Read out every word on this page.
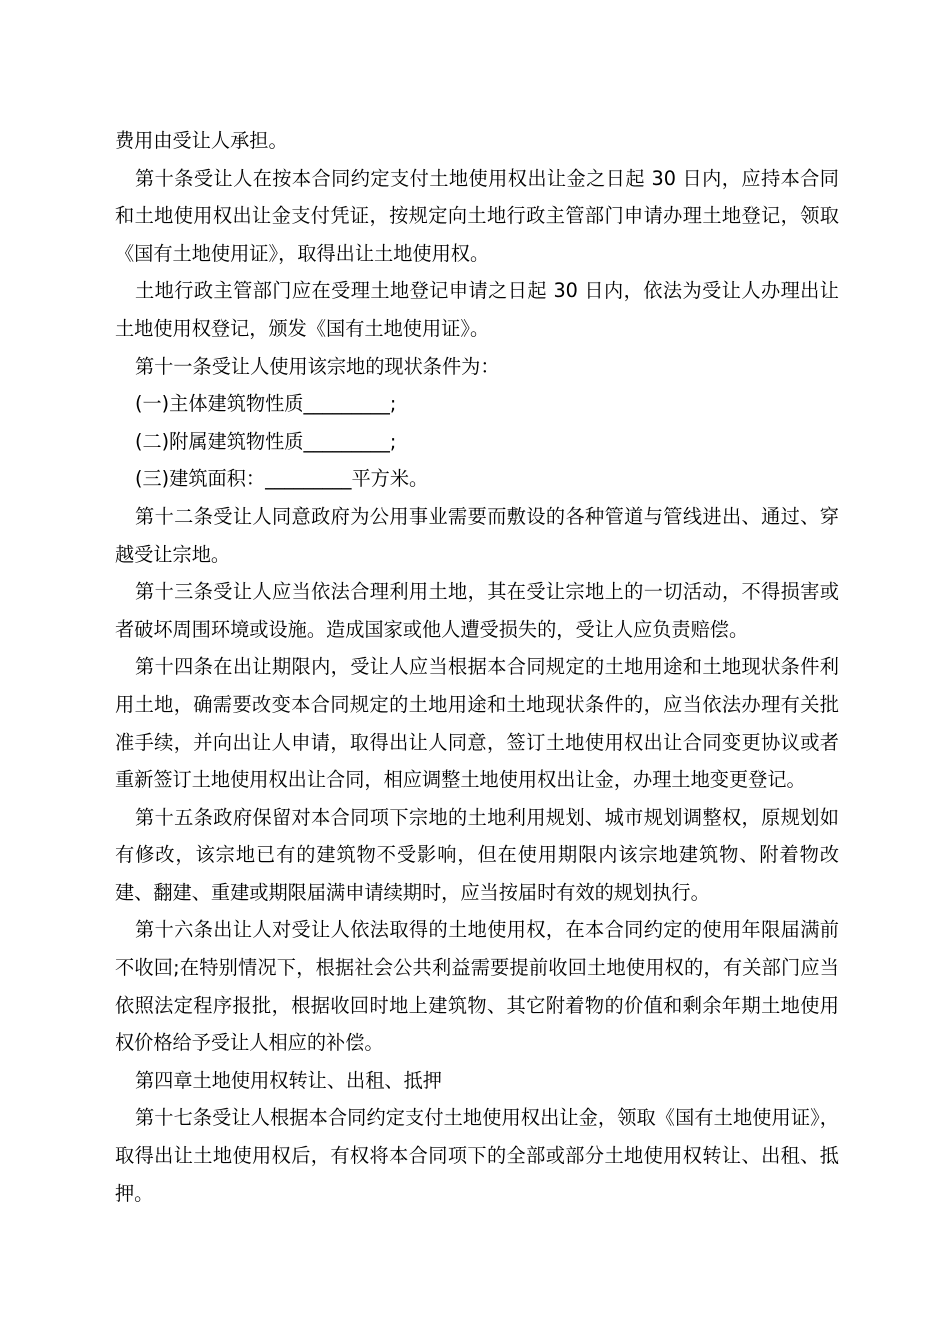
费用由受让人承担。

第十条受让人在按本合同约定支付土地使用权出让金之日起 30 日内，应持本合同和土地使用权出让金支付凭证，按规定向土地行政主管部门申请办理土地登记，领取《国有土地使用证》，取得出让土地使用权。

土地行政主管部门应在受理土地登记申请之日起 30 日内，依法为受让人办理出让土地使用权登记，颁发《国有土地使用证》。

第十一条受让人使用该宗地的现状条件为：

(一)主体建筑物性质_________;

(二)附属建筑物性质_________;

(三)建筑面积：_________平方米。

第十二条受让人同意政府为公用事业需要而敷设的各种管道与管线进出、通过、穿越受让宗地。

第十三条受让人应当依法合理利用土地，其在受让宗地上的一切活动，不得损害或者破坏周围环境或设施。造成国家或他人遭受损失的，受让人应负责赔偿。

第十四条在出让期限内，受让人应当根据本合同规定的土地用途和土地现状条件利用土地，确需要改变本合同规定的土地用途和土地现状条件的，应当依法办理有关批准手续，并向出让人申请，取得出让人同意，签订土地使用权出让合同变更协议或者重新签订土地使用权出让合同，相应调整土地使用权出让金，办理土地变更登记。

第十五条政府保留对本合同项下宗地的土地利用规划、城市规划调整权，原规划如有修改，该宗地已有的建筑物不受影响，但在使用期限内该宗地建筑物、附着物改建、翻建、重建或期限届满申请续期时，应当按届时有效的规划执行。

第十六条出让人对受让人依法取得的土地使用权，在本合同约定的使用年限届满前不收回;在特别情况下，根据社会公共利益需要提前收回土地使用权的，有关部门应当依照法定程序报批，根据收回时地上建筑物、其它附着物的价值和剩余年期土地使用权价格给予受让人相应的补偿。

第四章土地使用权转让、出租、抵押

第十七条受让人根据本合同约定支付土地使用权出让金，领取《国有土地使用证》，取得出让土地使用权后，有权将本合同项下的全部或部分土地使用权转让、出租、抵押。
